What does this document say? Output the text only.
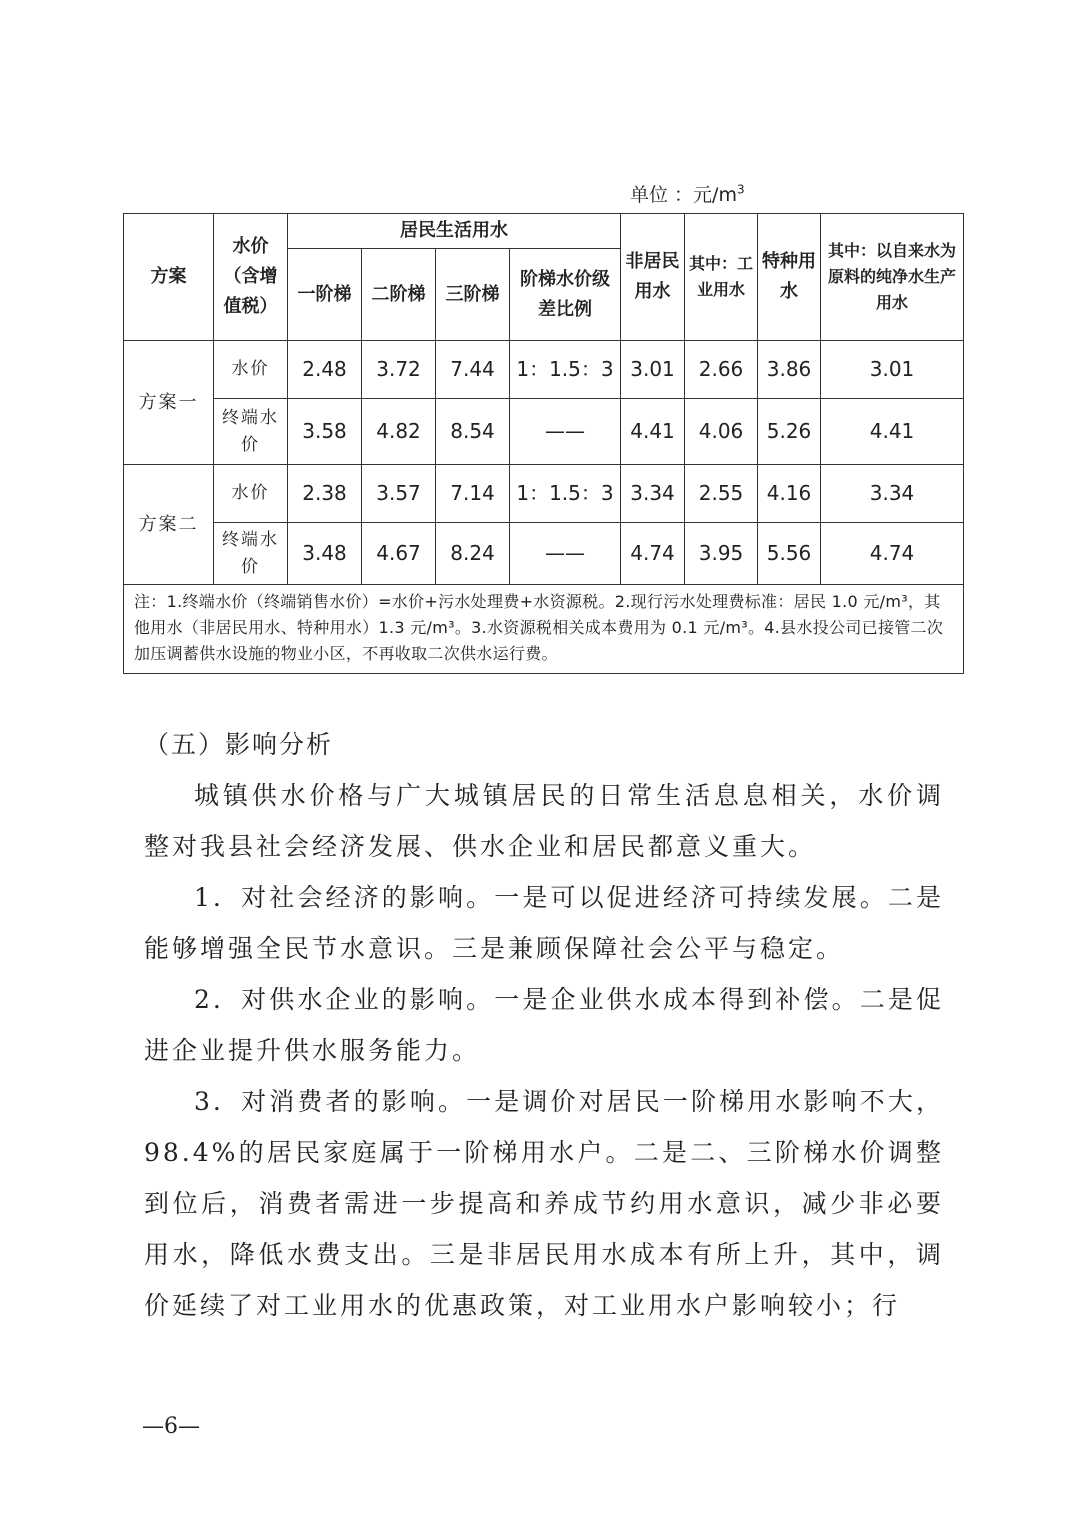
单位 ：元$/m^3$
方案	水价（含增值税）	居民生活用水				非居民用水	其中：工业用水	特种用水	其中：以自来水为原料的纯净水生产用水
		一阶梯	二阶梯	三阶梯	阶梯水价级差比例				
方案一	水价	2.48	3.72	7.44	1：1.5：3	3.01	2.66	3.86	3.01
	终端水价	3.58	4.82	8.54	——	4.41	4.06	5.26	4.41
方案二	水价	2.38	3.57	7.14	1：1.5：3	3.34	2.55	4.16	3.34
	终端水价	3.48	4.67	8.24	——	4.74	3.95	5.56	4.74
注：1.终端水价（终端销售水价）=水价+污水处理费+水资源税。2.现行污水处理费标准：居民 1.0 元/m³，其他用水（非居民用水、特种用水）1.3 元/m³。3.水资源税相关成本费用为 0.1 元/m³。4.县水投公司已接管二次加压调蓄供水设施的物业小区，不再收取二次供水运行费。									
（五）影响分析
城镇供水价格与广大城镇居民的日常生活息息相关，水价调整对我县社会经济发展、供水企业和居民都意义重大。
1．对社会经济的影响。一是可以促进经济可持续发展。二是能够增强全民节水意识。三是兼顾保障社会公平与稳定。
2．对供水企业的影响。一是企业供水成本得到补偿。二是促进企业提升供水服务能力。
3．对消费者的影响。一是调价对居民一阶梯用水影响不大，98.4%的居民家庭属于一阶梯用水户。二是二、三阶梯水价调整到位后，消费者需进一步提高和养成节约用水意识，减少非必要用水，降低水费支出。三是非居民用水成本有所上升，其中，调价延续了对工业用水的优惠政策，对工业用水户影响较小；行
—6—
